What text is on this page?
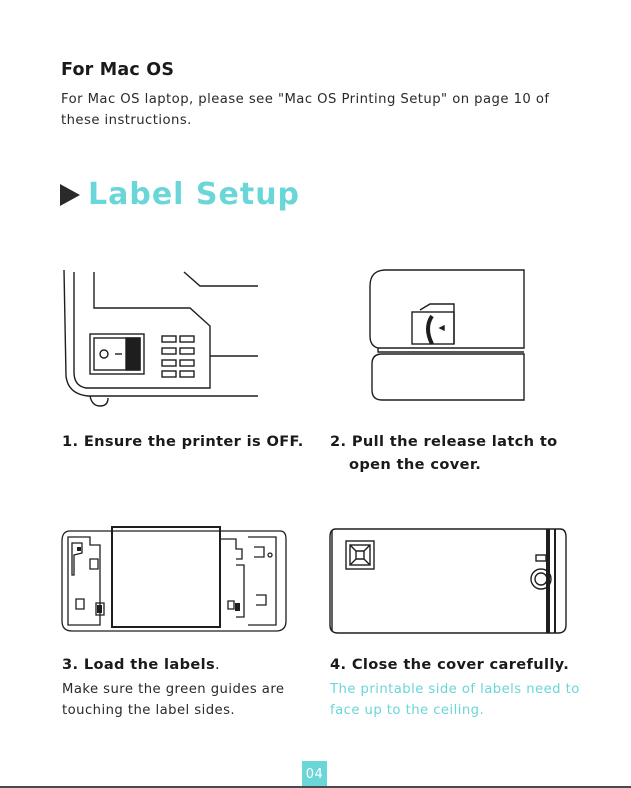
For Mac OS
For Mac OS laptop, please see "Mac OS Printing Setup" on page 10 of these instructions.
Label Setup
1. Ensure the printer is OFF. 2. Pull the release latch to
open the cover.
3. Load the labels.
Make sure the green guides are touching the label sides.
4. Close the cover carefully.
The printable side of labels need to face up to the ceiling.
04
